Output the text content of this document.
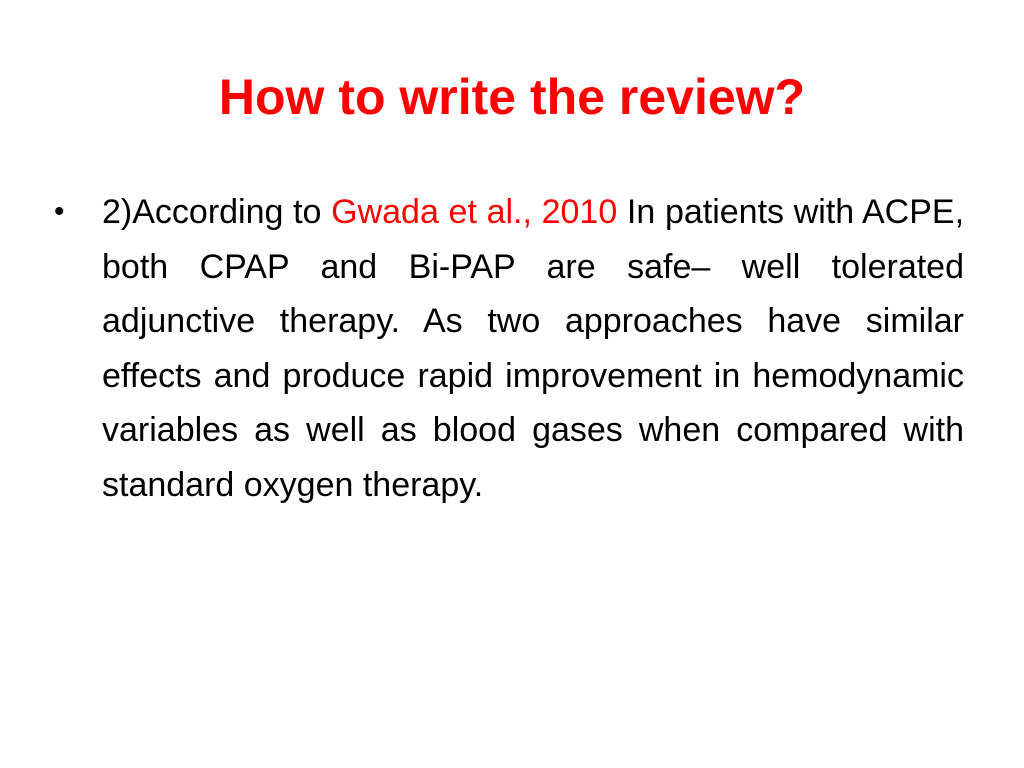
How to write the review?
• 2)According to Gwada et al., 2010 In patients with ACPE, both CPAP and Bi-PAP are safe– well tolerated adjunctive therapy. As two approaches have similar effects and produce rapid improvement in hemodynamic variables as well as blood gases when compared with standard oxygen therapy.
